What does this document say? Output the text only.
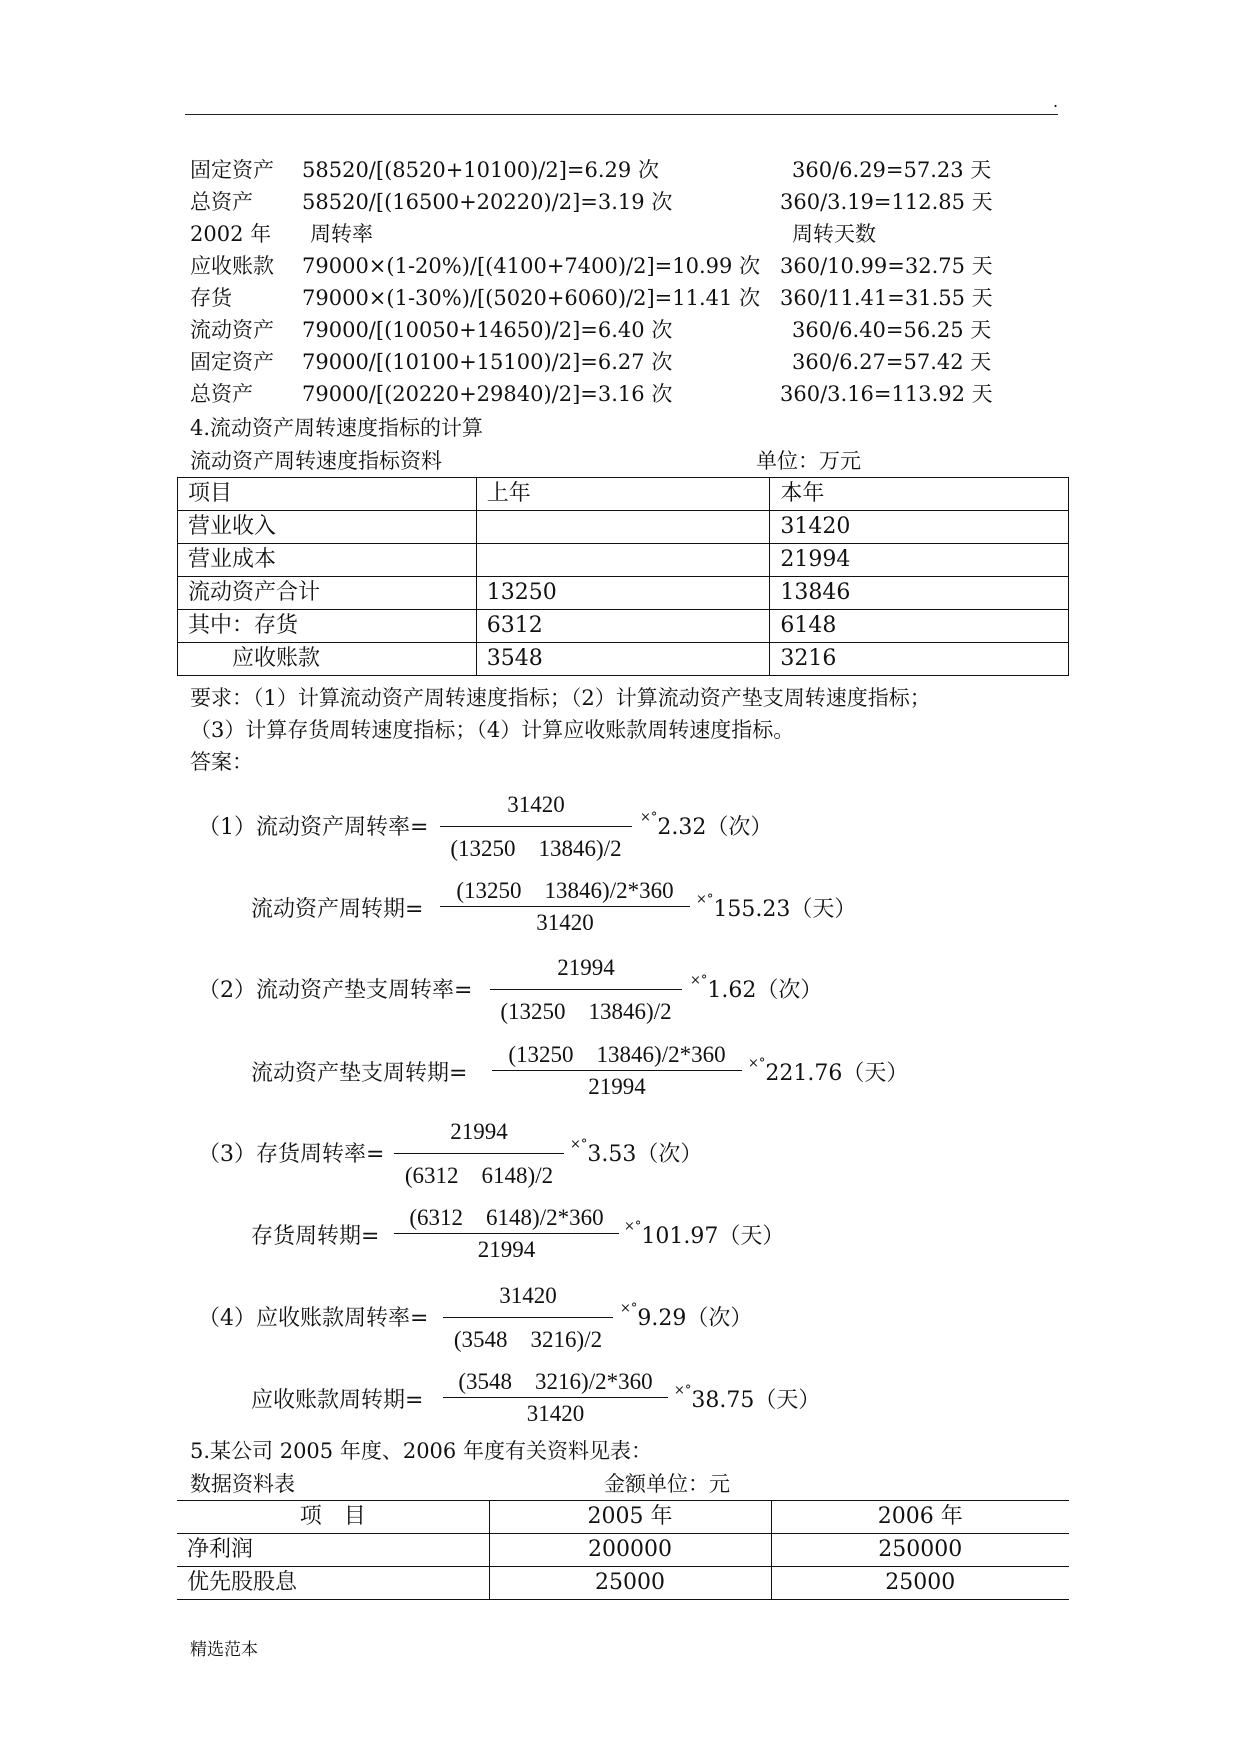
.
固定资产 58520/[(8520+10100)/2]=6.29 次	360/6.29=57.23 天
总资产 58520/[(16500+20220)/2]=3.19 次	360/3.19=112.85 天
2002 年 周转率	周转天数
应收账款 79000×(1-20%)/[(4100+7400)/2]=10.99 次 360/10.99=32.75 天
存货	79000×(1-30%)/[(5020+6060)/2]=11.41 次 360/11.41=31.55 天
流动资产 79000/[(10050+14650)/2]=6.40 次	360/6.40=56.25 天
固定资产 79000/[(10100+15100)/2]=6.27 次	360/6.27=57.42 天
总资产 79000/[(20220+29840)/2]=3.16 次	360/3.16=113.92 天
4.流动资产周转速度指标的计算
流动资产周转速度指标资料	单位：万元
项目	上年	本年
营业收入		31420
营业成本		21994
流动资产合计	13250	13846
其中：存货	6312	6148
　　应收账款	3548	3216
要求：（1）计算流动资产周转速度指标；（2）计算流动资产垫支周转速度指标；
（3）计算存货周转速度指标；（4）计算应收账款周转速度指标。
答案：
（1）流动资产周转率=
31420
(13250　13846)/2
×°2.32（次）
流动资产周转期=
(13250　13846)/2*360
31420
×°155.23（天）
（2）流动资产垫支周转率=
21994
(13250　13846)/2
×°1.62（次）
流动资产垫支周转期=
(13250　13846)/2*360
21994
×°221.76（天）
（3）存货周转率=
21994
(6312　6148)/2
×°3.53（次）
存货周转期=
(6312　6148)/2*360
21994
×°101.97（天）
（4）应收账款周转率=
31420
(3548　3216)/2
×°9.29（次）
应收账款周转期=
(3548　3216)/2*360
31420
×°38.75（天）
5.某公司 2005 年度、2006 年度有关资料见表：
数据资料表	金额单位：元
项　目	2005 年	2006 年
净利润	200000	250000
优先股股息	25000	25000
精选范本
